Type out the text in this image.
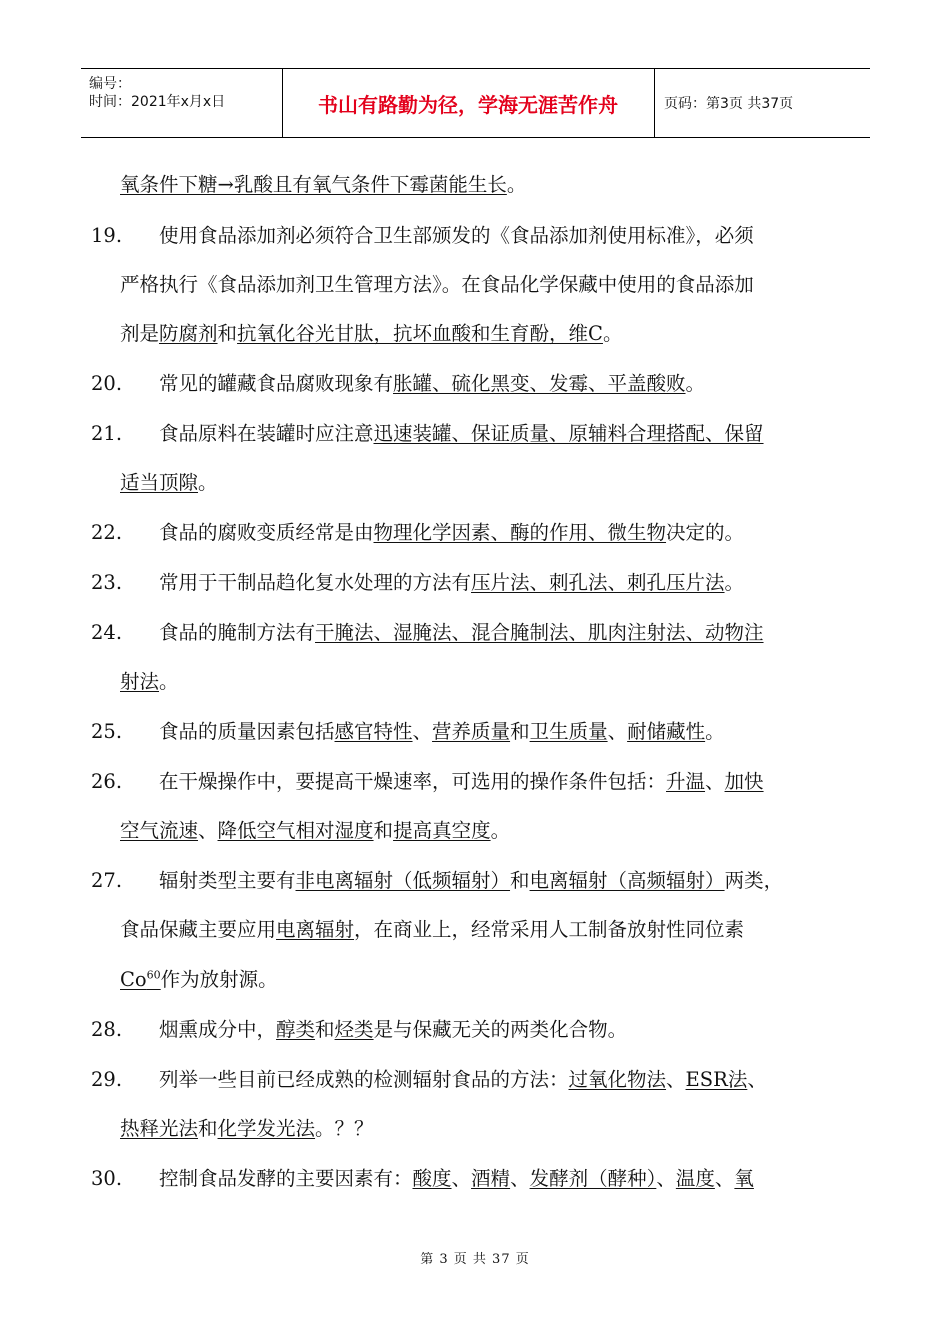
编号：
时间：2021年x月x日	书山有路勤为径，学海无涯苦作舟	页码：第3页 共37页
氧条件下糖→乳酸且有氧气条件下霉菌能生长。
19. 使用食品添加剂必须符合卫生部颁发的《食品添加剂使用标准》，必须
严格执行《食品添加剂卫生管理方法》。在食品化学保藏中使用的食品添加
剂是防腐剂和抗氧化谷光甘肽，抗坏血酸和生育酚，维C。
20. 常见的罐藏食品腐败现象有胀罐、硫化黑变、发霉、平盖酸败。
21. 食品原料在装罐时应注意迅速装罐、保证质量、原辅料合理搭配、保留
适当顶隙。
22. 食品的腐败变质经常是由物理化学因素、酶的作用、微生物决定的。
23. 常用于干制品趋化复水处理的方法有压片法、刺孔法、刺孔压片法。
24. 食品的腌制方法有干腌法、湿腌法、混合腌制法、肌肉注射法、动物注
射法。
25. 食品的质量因素包括感官特性、营养质量和卫生质量、耐储藏性。
26. 在干燥操作中，要提高干燥速率，可选用的操作条件包括：升温、加快
空气流速、降低空气相对湿度和提高真空度。
27. 辐射类型主要有非电离辐射（低频辐射）和电离辐射（高频辐射）两类，
食品保藏主要应用电离辐射，在商业上，经常采用人工制备放射性同位素
Co$^{60}$作为放射源。
28. 烟熏成分中，醇类和烃类是与保藏无关的两类化合物。
29. 列举一些目前已经成熟的检测辐射食品的方法：过氧化物法、ESR法、
热释光法和化学发光法。？？
30. 控制食品发酵的主要因素有：酸度、酒精、发酵剂（酵种）、温度、氧
第 3 页 共 37 页
